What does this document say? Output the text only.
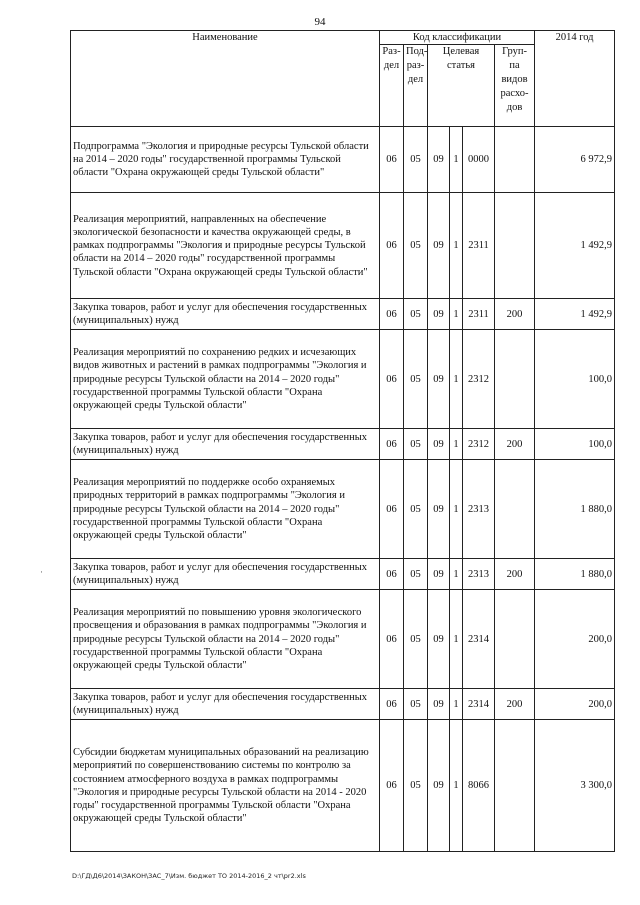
94
Наименование	Код классификации						2014 год
	Раз-дел	Под-раз-дел	Целевая статья			Груп-па видов расхо-дов	
Подпрограмма "Экология и природные ресурсы Тульской области на 2014 – 2020 годы" государственной программы Тульской области "Охрана окружающей среды Тульской области"	06	05	09	1	0000		6 972,9
Реализация мероприятий, направленных на обеспечение экологической безопасности и качества окружающей среды, в рамках подпрограммы "Экология и природные ресурсы Тульской области на 2014 – 2020 годы" государственной программы Тульской области "Охрана окружающей среды Тульской области"	06	05	09	1	2311		1 492,9
Закупка товаров, работ и услуг для обеспечения государственных (муниципальных) нужд	06	05	09	1	2311	200	1 492,9
Реализация мероприятий по сохранению редких и исчезающих видов животных и растений в рамках подпрограммы "Экология и природные ресурсы Тульской области на 2014 – 2020 годы" государственной программы Тульской области "Охрана окружающей среды Тульской области"	06	05	09	1	2312		100,0
Закупка товаров, работ и услуг для обеспечения государственных (муниципальных) нужд	06	05	09	1	2312	200	100,0
Реализация мероприятий по поддержке особо охраняемых природных территорий в рамках подпрограммы "Экология и природные ресурсы Тульской области на 2014 – 2020 годы" государственной программы Тульской области "Охрана окружающей среды Тульской области"	06	05	09	1	2313		1 880,0
Закупка товаров, работ и услуг для обеспечения государственных (муниципальных) нужд	06	05	09	1	2313	200	1 880,0
Реализация мероприятий по повышению уровня экологического просвещения и образования в рамках подпрограммы "Экология и природные ресурсы Тульской области на 2014 – 2020 годы" государственной программы Тульской области "Охрана окружающей среды Тульской области"	06	05	09	1	2314		200,0
Закупка товаров, работ и услуг для обеспечения государственных (муниципальных) нужд	06	05	09	1	2314	200	200,0
Субсидии бюджетам муниципальных образований на реализацию мероприятий по совершенствованию системы по контролю за состоянием атмосферного воздуха в рамках подпрограммы "Экология и природные ресурсы Тульской области на 2014 - 2020 годы" государственной программы Тульской области "Охрана окружающей среды Тульской области"	06	05	09	1	8066		3 300,0
·
D:\ГД\Д6\2014\ЗАКОН\ЗАС_7\Изм. бюджет ТО 2014-2016_2 чт\pr2.xls
